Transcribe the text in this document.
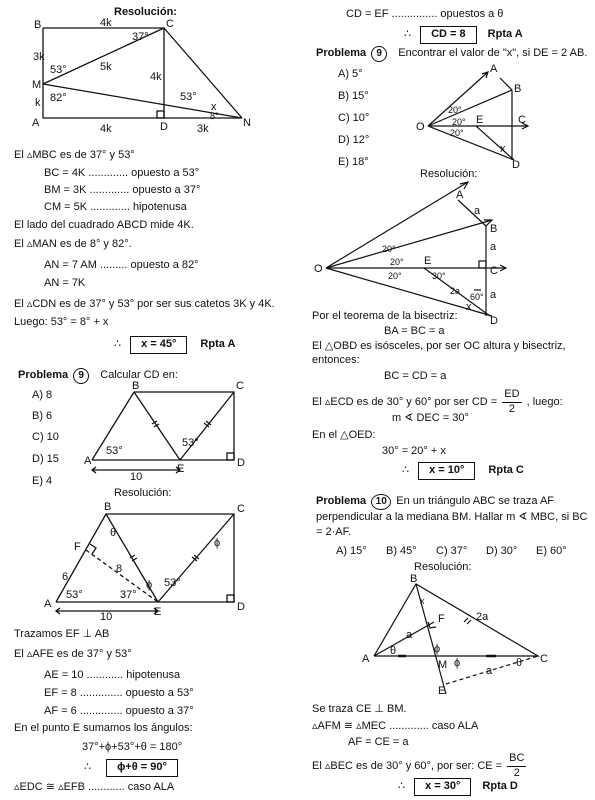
Resolución:
B	C
M
A	D	N
4k
37°
3k
53°	5k
4k
82°
k	53°
x
8°
4k	3k
El ▵MBC es de 37° y 53°
BC = 4K ............. opuesto a 53°
BM = 3K ............. opuesto a 37°
CM = 5K ............. hipotenusa
El lado del cuadrado ABCD mide 4K.
El ▵MAN es de 8° y 82°.
AN = 7 AM ......... opuesto a 82°
AN = 7K
El ▵CDN es de 37° y 53° por ser sus catetos 3K y 4K.
Luego: 53° = 8° + x
∴ x = 45° Rpta A
Problema 9 Calcular CD en:
A) 8
B) 6
C) 10
D) 15
E) 4
B	C
A
E	D
53°
53°
10
Resolución:
B	C
F
A
E	D
θ
ϕ
ϕ
8
6
53°	37°
53°
10
Trazamos EF ⊥ AB
El ▵AFE es de 37° y 53°
AE = 10 ............ hipotenusa
EF = 8 .............. opuesto a 53°
AF = 6 .............. opuesto a 37°
En el punto E sumamos los ángulos:
37°+ϕ+53°+θ = 180°
∴ ϕ+θ = 90°
▵EDC ≅ ▵EFB ............ caso ALA
CD = EF ............... opuestos a θ
∴ CD = 8 Rpta A
Problema 9 Encontrar el valor de "x", si DE = 2 AB.
A) 5°
B) 15°
C) 10°
D) 12°
E) 18°
O
A
B
E	C
D
20°
20°
20°
x
Resolución:
O
A
B
E
C
D
20°
20°
20°	30°
60°
a
a
a
2a
x
Por el teorema de la bisectriz:
BA = BC = a
El △OBD es isósceles, por ser OC altura y bisectriz, entonces:
BC = CD = a
El ▵ECD es de 30° y 60° por ser CD = $\frac{ED}{2}$ , luego:
m ∢ DEC = 30°
En el △OED:
30° = 20° + x
∴ x = 10° Rpta C
Problema 10 En un triángulo ABC se traza AF perpendicular a la mediana BM. Hallar m ∢ MBC, si BC = 2·AF.
A) 15° B) 45° C) 37° D) 30° E) 60°
Resolución:
B
A	C
M
F
E
x
a
a
2a
θ
θ
ϕ
ϕ
Se traza CE ⊥ BM.
▵AFM ≅ ▵MEC ............. caso ALA
AF = CE = a
El ▵BEC es de 30° y 60°, por ser: CE = $\frac{BC}{2}$
∴ x = 30° Rpta D
